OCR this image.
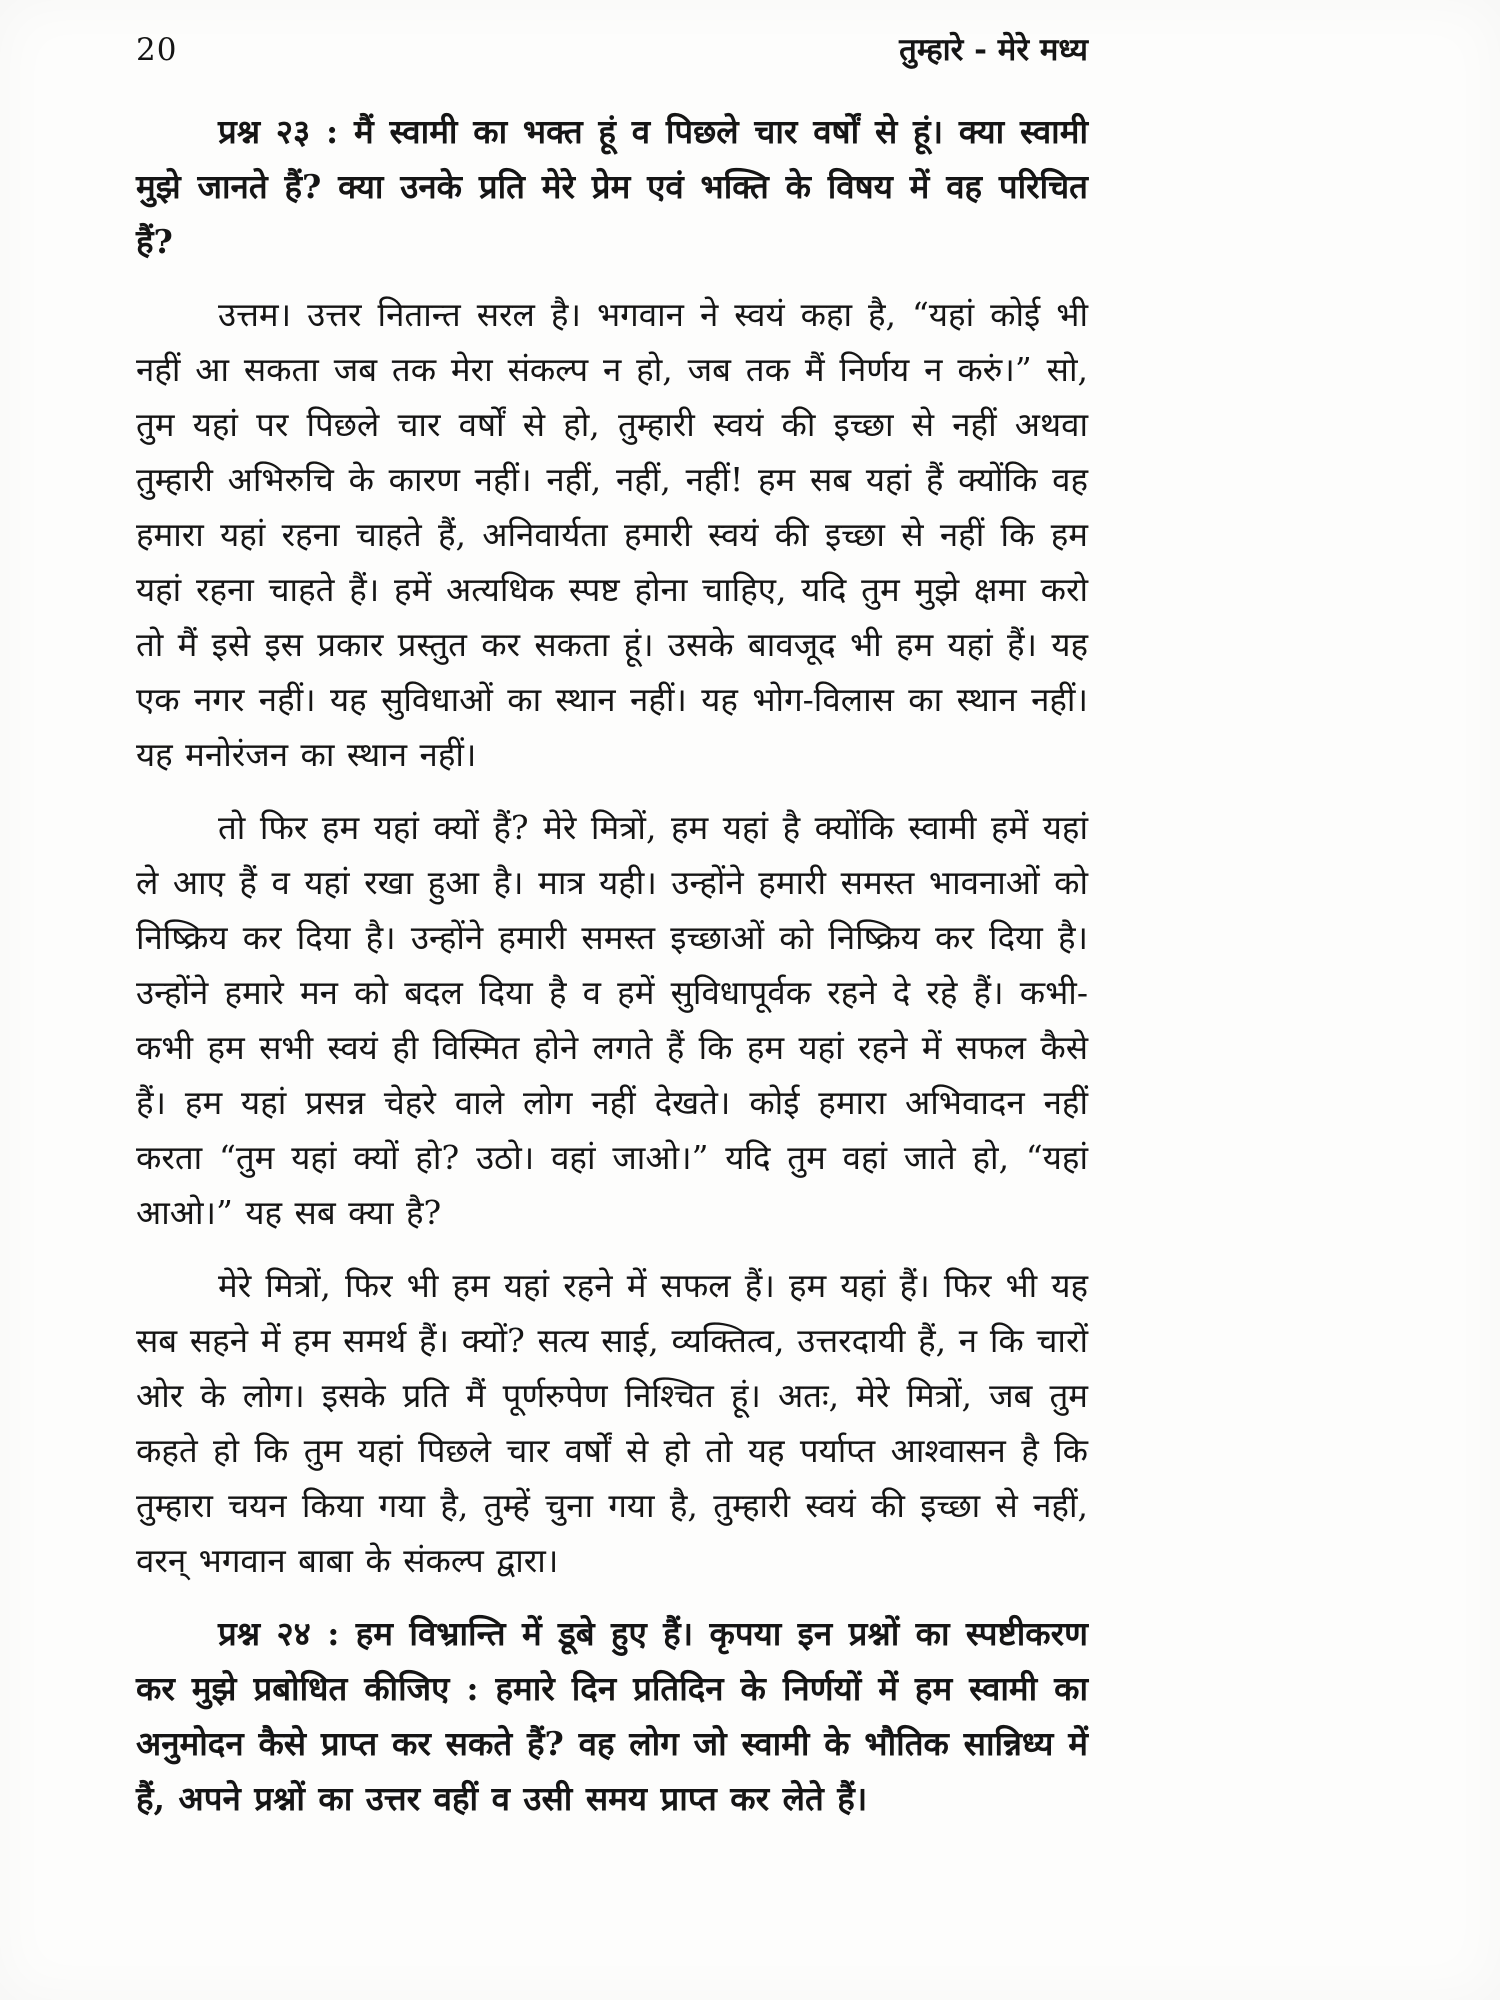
20	तुम्हारे - मेरे मध्य

प्रश्न २३ : मैं स्वामी का भक्त हूं व पिछले चार वर्षों से हूं। क्या स्वामी मुझे जानते हैं? क्या उनके प्रति मेरे प्रेम एवं भक्ति के विषय में वह परिचित हैं?

उत्तम। उत्तर नितान्त सरल है। भगवान ने स्वयं कहा है, “यहां कोई भी नहीं आ सकता जब तक मेरा संकल्प न हो, जब तक मैं निर्णय न करुं।” सो, तुम यहां पर पिछले चार वर्षों से हो, तुम्हारी स्वयं की इच्छा से नहीं अथवा तुम्हारी अभिरुचि के कारण नहीं। नहीं, नहीं, नहीं! हम सब यहां हैं क्योंकि वह हमारा यहां रहना चाहते हैं, अनिवार्यता हमारी स्वयं की इच्छा से नहीं कि हम यहां रहना चाहते हैं। हमें अत्यधिक स्पष्ट होना चाहिए, यदि तुम मुझे क्षमा करो तो मैं इसे इस प्रकार प्रस्तुत कर सकता हूं। उसके बावजूद भी हम यहां हैं। यह एक नगर नहीं। यह सुविधाओं का स्थान नहीं। यह भोग-विलास का स्थान नहीं। यह मनोरंजन का स्थान नहीं।

तो फिर हम यहां क्यों हैं? मेरे मित्रों, हम यहां है क्योंकि स्वामी हमें यहां ले आए हैं व यहां रखा हुआ है। मात्र यही। उन्होंने हमारी समस्त भावनाओं को निष्क्रिय कर दिया है। उन्होंने हमारी समस्त इच्छाओं को निष्क्रिय कर दिया है। उन्होंने हमारे मन को बदल दिया है व हमें सुविधापूर्वक रहने दे रहे हैं। कभी-कभी हम सभी स्वयं ही विस्मित होने लगते हैं कि हम यहां रहने में सफल कैसे हैं। हम यहां प्रसन्न चेहरे वाले लोग नहीं देखते। कोई हमारा अभिवादन नहीं करता “तुम यहां क्यों हो? उठो। वहां जाओ।” यदि तुम वहां जाते हो, “यहां आओ।” यह सब क्या है?

मेरे मित्रों, फिर भी हम यहां रहने में सफल हैं। हम यहां हैं। फिर भी यह सब सहने में हम समर्थ हैं। क्यों? सत्य साई, व्यक्तित्व, उत्तरदायी हैं, न कि चारों ओर के लोग। इसके प्रति मैं पूर्णरुपेण निश्चित हूं। अतः, मेरे मित्रों, जब तुम कहते हो कि तुम यहां पिछले चार वर्षों से हो तो यह पर्याप्त आश्वासन है कि तुम्हारा चयन किया गया है, तुम्हें चुना गया है, तुम्हारी स्वयं की इच्छा से नहीं, वरन् भगवान बाबा के संकल्प द्वारा।

प्रश्न २४ : हम विभ्रान्ति में डूबे हुए हैं। कृपया इन प्रश्नों का स्पष्टीकरण कर मुझे प्रबोधित कीजिए : हमारे दिन प्रतिदिन के निर्णयों में हम स्वामी का अनुमोदन कैसे प्राप्त कर सकते हैं? वह लोग जो स्वामी के भौतिक सान्निध्य में हैं, अपने प्रश्नों का उत्तर वहीं व उसी समय प्राप्त कर लेते हैं।
